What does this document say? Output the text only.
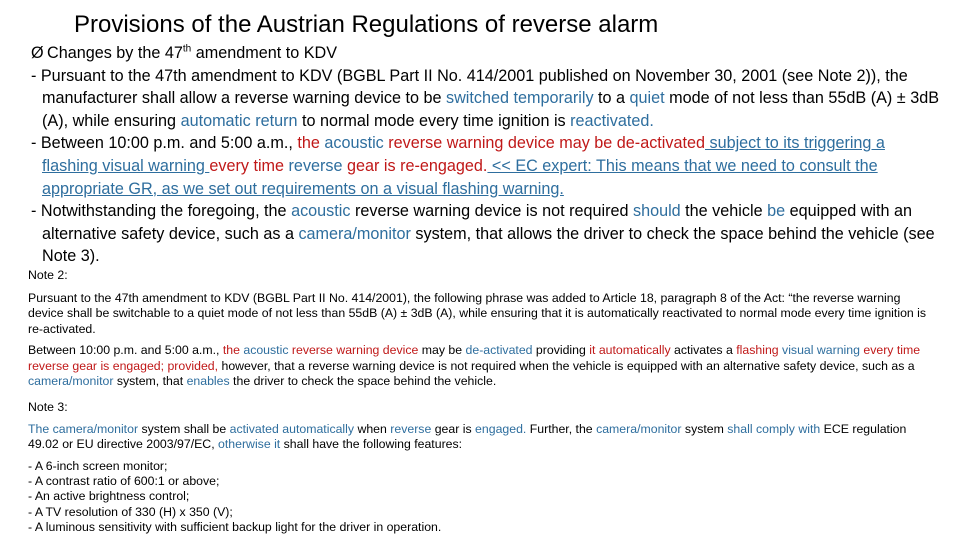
Provisions of the Austrian Regulations of reverse alarm

Ø Changes by the 47th amendment to KDV

- Pursuant to the 47th amendment to KDV (BGBL Part II No. 414/2001 published on November 30, 2001 (see Note 2)), the manufacturer shall allow a reverse warning device to be switched temporarily to a quiet mode of not less than 55dB (A) ± 3dB (A), while ensuring automatic return to normal mode every time ignition is reactivated.

- Between 10:00 p.m. and 5:00 a.m., the acoustic reverse warning device may be de-activated subject to its triggering a flashing visual warning every time reverse gear is re-engaged. << EC expert: This means that we need to consult the appropriate GR, as we set out requirements on a visual flashing warning.

- Notwithstanding the foregoing, the acoustic reverse warning device is not required should the vehicle be equipped with an alternative safety device, such as a camera/monitor system, that allows the driver to check the space behind the vehicle (see Note 3).

Note 2:

Pursuant to the 47th amendment to KDV (BGBL Part II No. 414/2001), the following phrase was added to Article 18, paragraph 8 of the Act: “the reverse warning device shall be switchable to a quiet mode of not less than 55dB (A) ± 3dB (A), while ensuring that it is automatically reactivated to normal mode every time ignition is re-activated.

Between 10:00 p.m. and 5:00 a.m., the acoustic reverse warning device may be de-activated providing it automatically activates a flashing visual warning every time reverse gear is engaged; provided, however, that a reverse warning device is not required when the vehicle is equipped with an alternative safety device, such as a camera/monitor system, that enables the driver to check the space behind the vehicle.

Note 3:

The camera/monitor system shall be activated automatically when reverse gear is engaged. Further, the camera/monitor system shall comply with ECE regulation 49.02 or EU directive 2003/97/EC, otherwise it shall have the following features:

- A 6-inch screen monitor;

- A contrast ratio of 600:1 or above;

- An active brightness control;

- A TV resolution of 330 (H) x 350 (V);

- A luminous sensitivity with sufficient backup light for the driver in operation.
